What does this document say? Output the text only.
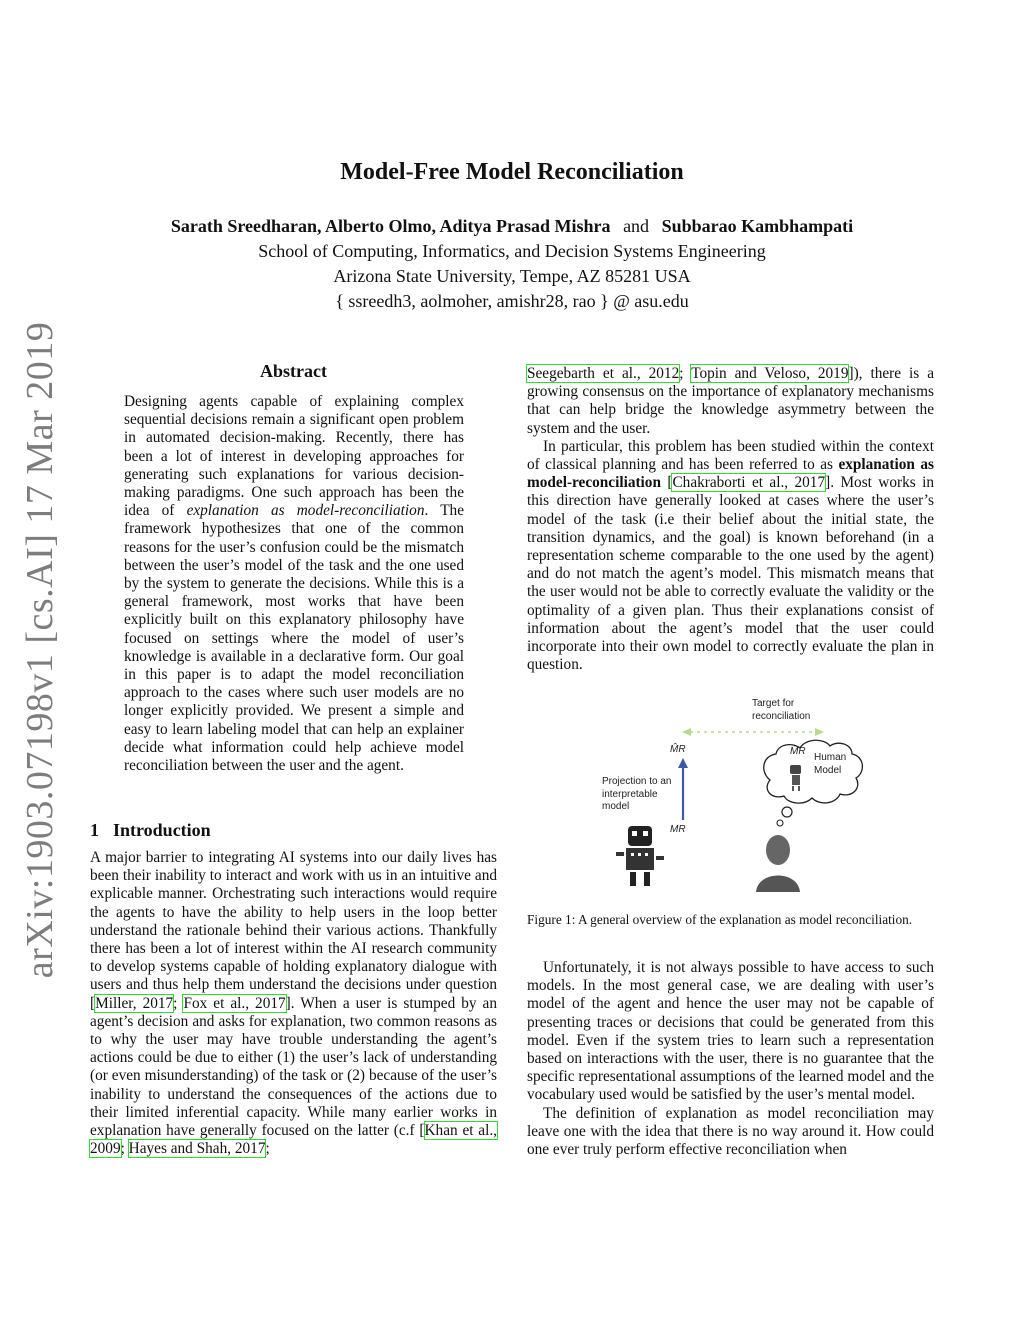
arXiv:1903.07198v1 [cs.AI] 17 Mar 2019
Model-Free Model Reconciliation
Sarath Sreedharan, Alberto Olmo, Aditya Prasad Mishra and Subbarao Kambhampati
School of Computing, Informatics, and Decision Systems Engineering
Arizona State University, Tempe, AZ 85281 USA
{ ssreedh3, aolmoher, amishr28, rao } @ asu.edu
Abstract

Designing agents capable of explaining complex sequential decisions remain a significant open problem in automated decision-making. Recently, there has been a lot of interest in developing approaches for generating such explanations for various decision-making paradigms. One such approach has been the idea of explanation as model-reconciliation. The framework hypothesizes that one of the common reasons for the user’s confusion could be the mismatch between the user’s model of the task and the one used by the system to generate the decisions. While this is a general framework, most works that have been explicitly built on this explanatory philosophy have focused on settings where the model of user’s knowledge is available in a declarative form. Our goal in this paper is to adapt the model reconciliation approach to the cases where such user models are no longer explicitly provided. We present a simple and easy to learn labeling model that can help an explainer decide what information could help achieve model reconciliation between the user and the agent.

1 Introduction

A major barrier to integrating AI systems into our daily lives has been their inability to interact and work with us in an intuitive and explicable manner. Orchestrating such interactions would require the agents to have the ability to help users in the loop better understand the rationale behind their various actions. Thankfully there has been a lot of interest within the AI research community to develop systems capable of holding explanatory dialogue with users and thus help them understand the decisions under question [Miller, 2017; Fox et al., 2017]. When a user is stumped by an agent’s decision and asks for explanation, two common reasons as to why the user may have trouble understanding the agent’s actions could be due to either (1) the user’s lack of understanding (or even misunderstanding) of the task or (2) because of the user’s inability to understand the consequences of the actions due to their limited inferential capacity. While many earlier works in explanation have generally focused on the latter (c.f [Khan et al., 2009; Hayes and Shah, 2017;

Seegebarth et al., 2012; Topin and Veloso, 2019]), there is a growing consensus on the importance of explanatory mechanisms that can help bridge the knowledge asymmetry between the system and the user.

In particular, this problem has been studied within the context of classical planning and has been referred to as explanation as model-reconciliation [Chakraborti et al., 2017]. Most works in this direction have generally looked at cases where the user’s model of the task (i.e their belief about the initial state, the transition dynamics, and the goal) is known beforehand (in a representation scheme comparable to the one used by the agent) and do not match the agent’s model. This mismatch means that the user would not be able to correctly evaluate the validity or the optimality of a given plan. Thus their explanations consist of information about the agent’s model that the user could incorporate into their own model to correctly evaluate the plan in question.

Target for reconciliation
Projection to an interpretable model
Human Model
M̂R	M̂R
MR
Figure 1: A general overview of the explanation as model reconciliation.

Unfortunately, it is not always possible to have access to such models. In the most general case, we are dealing with user’s model of the agent and hence the user may not be capable of presenting traces or decisions that could be generated from this model. Even if the system tries to learn such a representation based on interactions with the user, there is no guarantee that the specific representational assumptions of the learned model and the vocabulary used would be satisfied by the user’s mental model.

The definition of explanation as model reconciliation may leave one with the idea that there is no way around it. How could one ever truly perform effective reconciliation when
